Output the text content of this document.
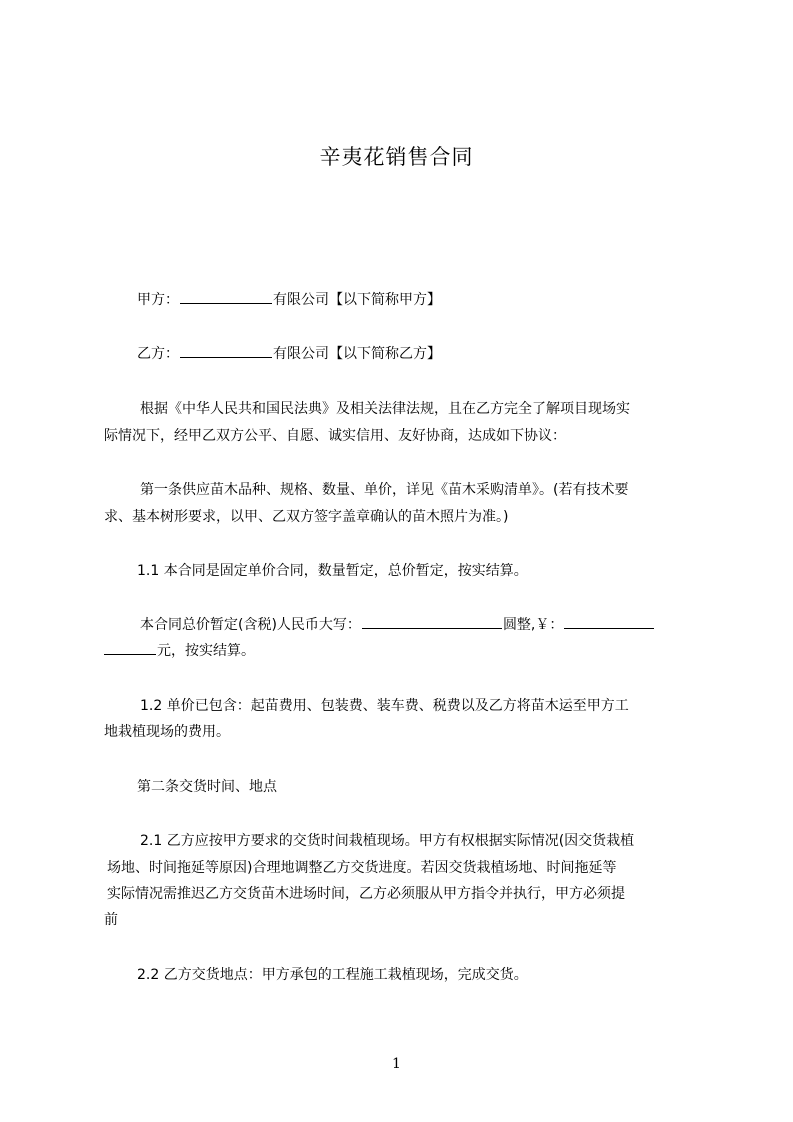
辛夷花销售合同
甲方：	有限公司【以下简称甲方】
乙方：	有限公司【以下简称乙方】
根据《中华人民共和国民法典》及相关法律法规，且在乙方完全了解项目现场实
际情况下，经甲乙双方公平、自愿、诚实信用、友好协商，达成如下协议：
第一条供应苗木品种、规格、数量、单价，详见《苗木采购清单》。(若有技术要
求、基本树形要求，以甲、乙双方签字盖章确认的苗木照片为准。)
1.1 本合同是固定单价合同，数量暂定，总价暂定，按实结算。
本合同总价暂定(含税)人民币大写：	圆整,￥：
元，按实结算。
1.2 单价已包含：起苗费用、包装费、装车费、税费以及乙方将苗木运至甲方工
地栽植现场的费用。
第二条交货时间、地点
2.1 乙方应按甲方要求的交货时间栽植现场。甲方有权根据实际情况(因交货栽植
场地、时间拖延等原因)合理地调整乙方交货进度。若因交货栽植场地、时间拖延等
实际情况需推迟乙方交货苗木进场时间，乙方必须服从甲方指令并执行，甲方必须提
前
2.2 乙方交货地点：甲方承包的工程施工栽植现场，完成交货。
1
